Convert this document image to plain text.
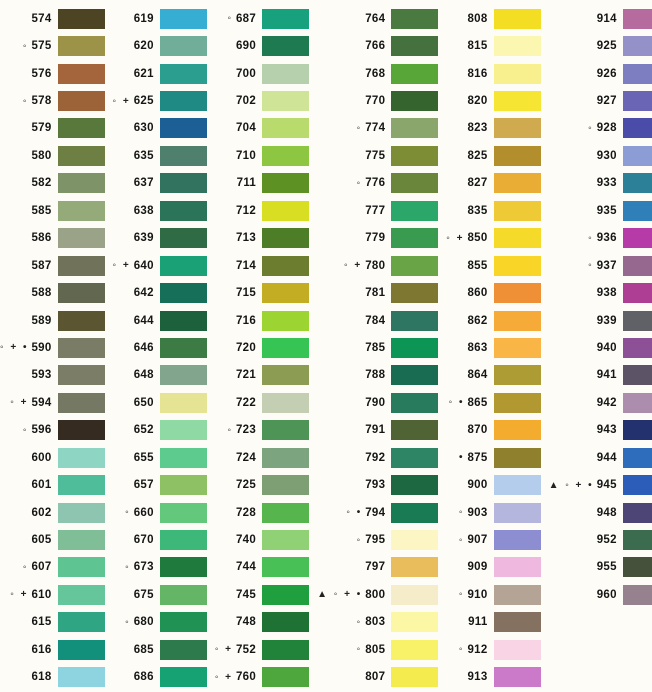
574
◦ 575
576
◦ 578
579
580
582
585
586
587
588
589
◦ + • 590
593
◦ + 594
◦ 596
600
601
602
605
◦ 607
◦ + 610
615
616
618
619
620
621
◦ + 625
630
635
637
638
639
◦ + 640
642
644
646
648
650
652
655
657
◦ 660
670
◦ 673
675
◦ 680
685
686
◦ 687
690
700
702
704
710
711
712
713
714
715
716
720
721
722
◦ 723
724
725
728
740
744
745
748
◦ + 752
◦ + 760
764
766
768
770
◦ 774
775
◦ 776
777
779
◦ + 780
781
784
785
788
790
791
792
793
◦ • 794
◦ 795
797
▲ ◦ + • 800
◦ 803
◦ 805
807
808
815
816
820
823
825
827
835
◦ + 850
855
860
862
863
864
◦ • 865
870
• 875
900
◦ 903
◦ 907
909
◦ 910
911
◦ 912
913
914
925
926
927
◦ 928
930
933
935
◦ 936
◦ 937
938
939
940
941
942
943
944
▲ ◦ + • 945
948
952
955
960
